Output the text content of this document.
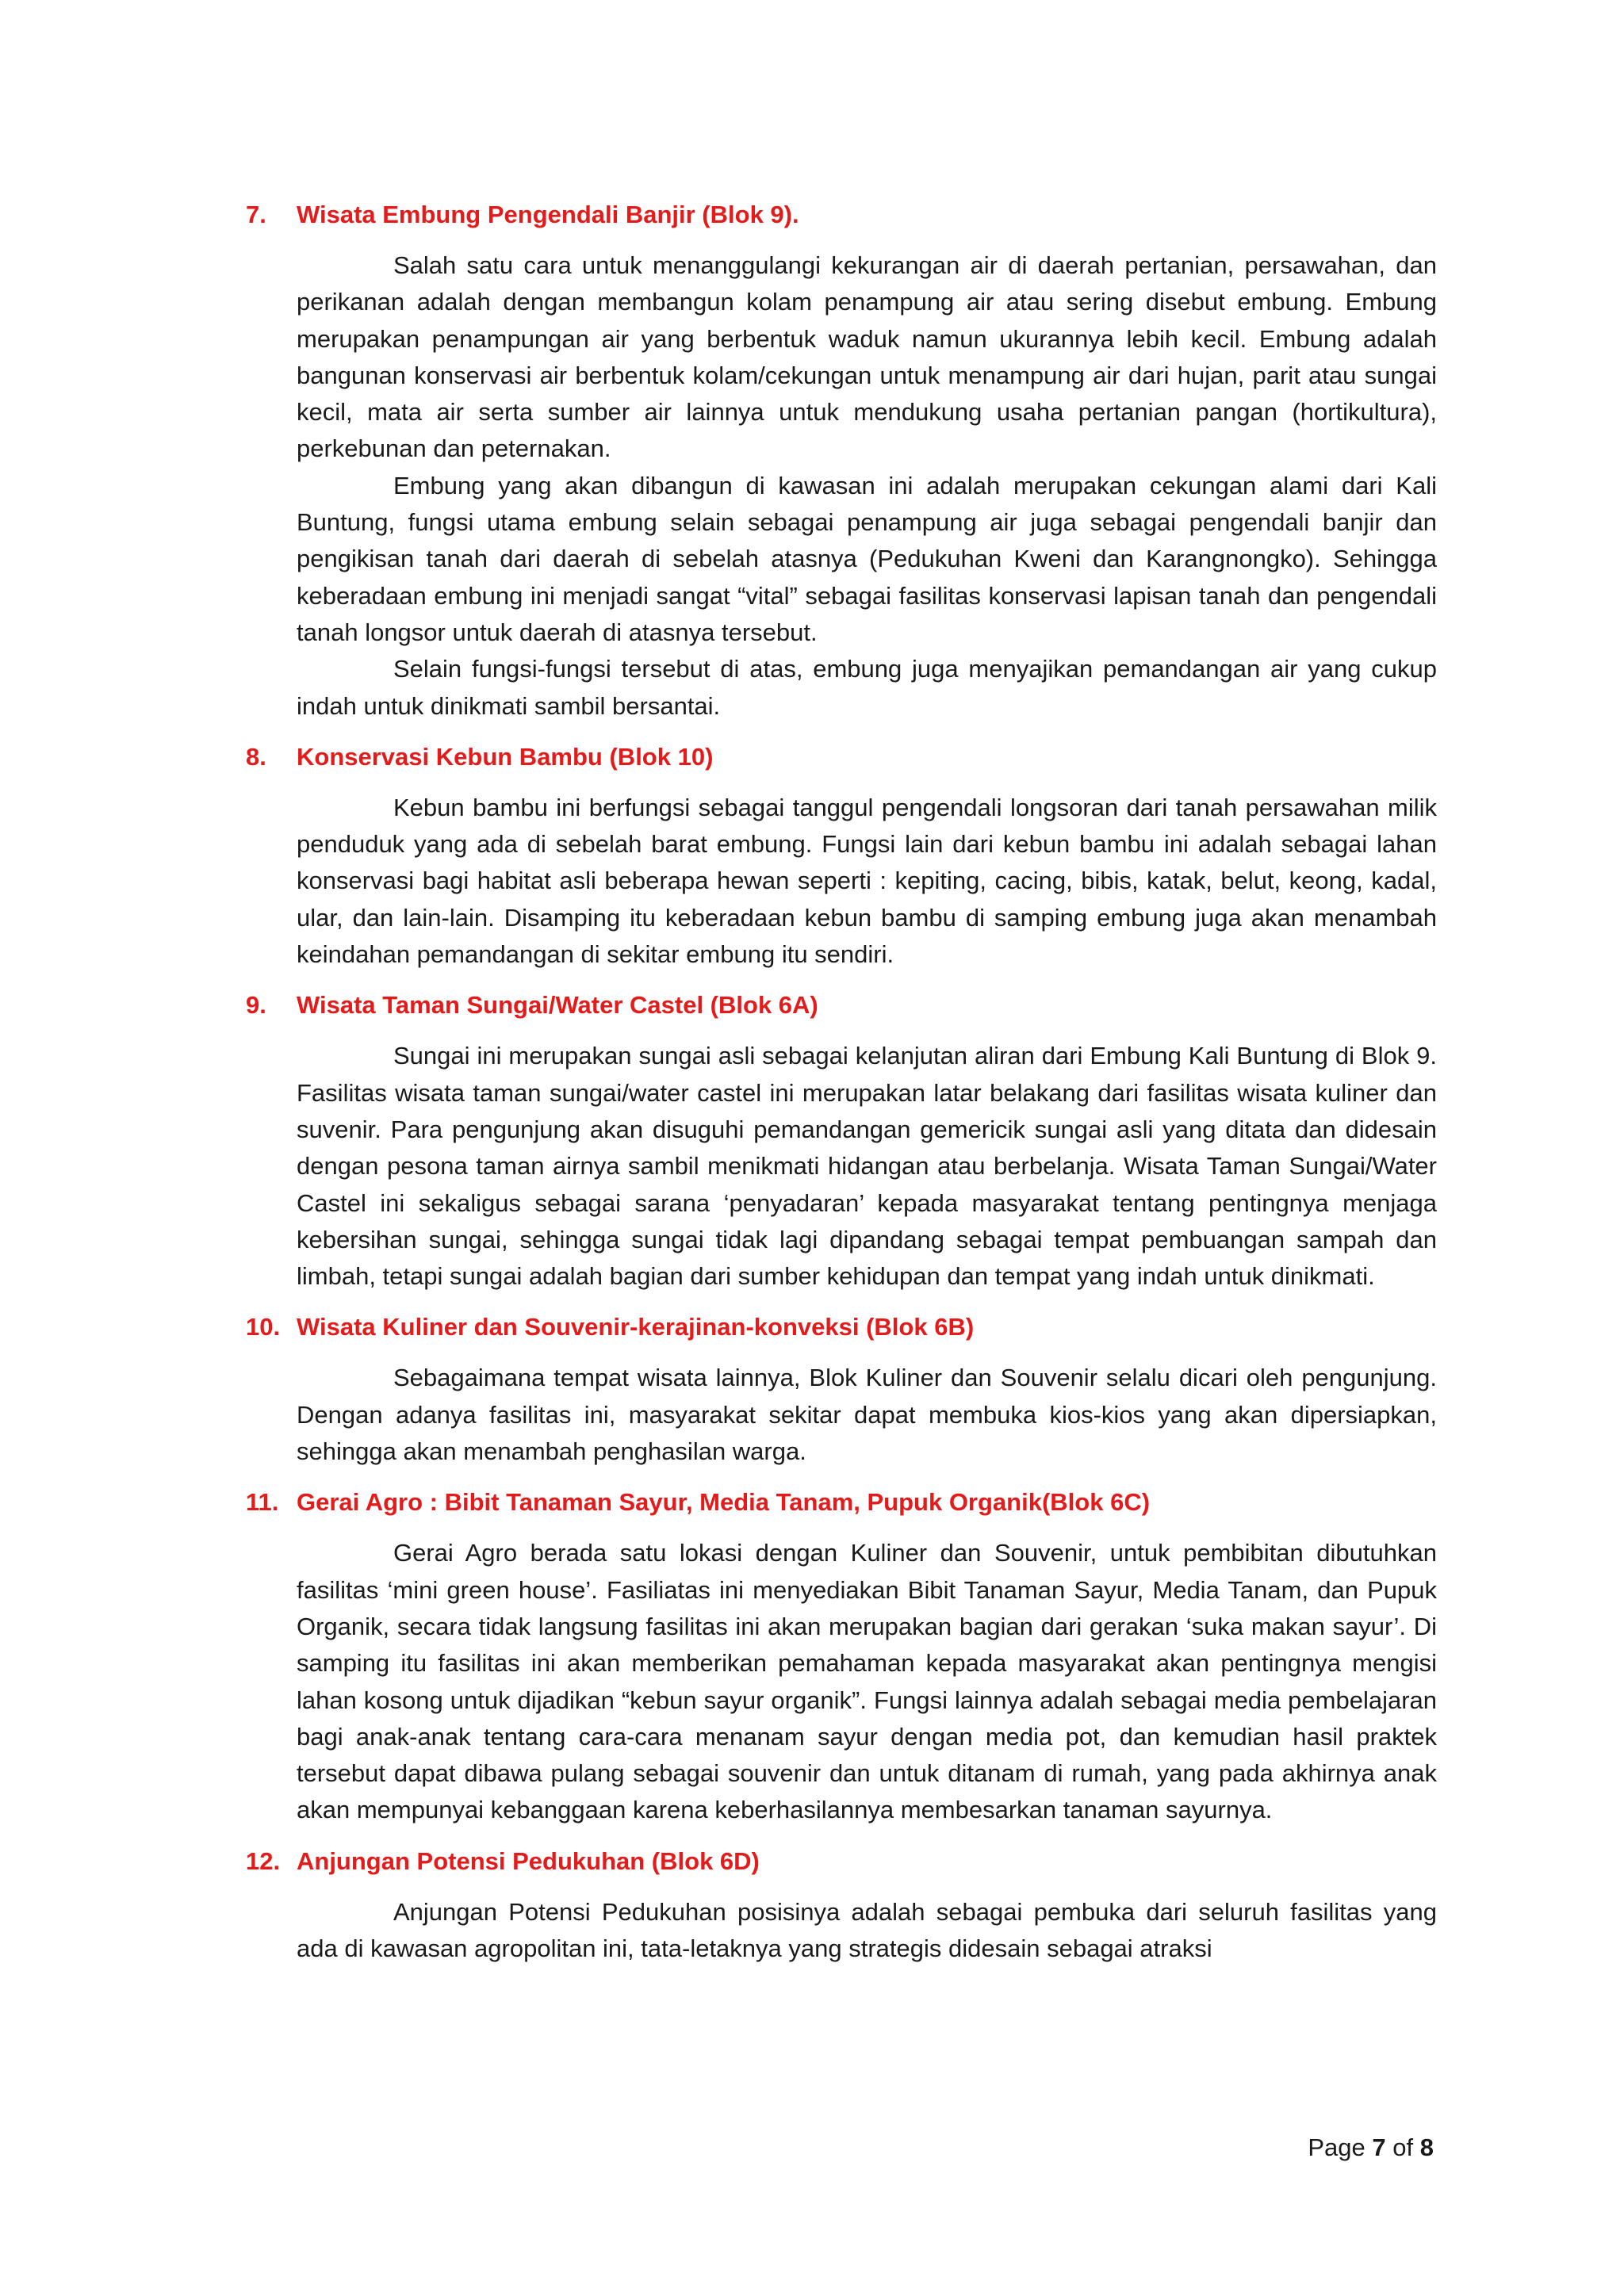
7.	Wisata Embung Pengendali Banjir (Blok 9).

Salah satu cara untuk menanggulangi kekurangan air di daerah pertanian, persawahan, dan perikanan adalah dengan membangun kolam penampung air atau sering disebut embung. Embung merupakan penampungan air yang berbentuk waduk namun ukurannya lebih kecil. Embung adalah bangunan konservasi air berbentuk kolam/cekungan untuk menampung air dari hujan, parit atau sungai kecil, mata air serta sumber air lainnya untuk mendukung usaha pertanian pangan (hortikultura), perkebunan dan peternakan.

Embung yang akan dibangun di kawasan ini adalah merupakan cekungan alami dari Kali Buntung, fungsi utama embung selain sebagai penampung air juga sebagai pengendali banjir dan pengikisan tanah dari daerah di sebelah atasnya (Pedukuhan Kweni dan Karangnongko). Sehingga keberadaan embung ini menjadi sangat “vital” sebagai fasilitas konservasi lapisan tanah dan pengendali tanah longsor untuk daerah di atasnya tersebut.

Selain fungsi-fungsi tersebut di atas, embung juga menyajikan pemandangan air yang cukup indah untuk dinikmati sambil bersantai.

8.	Konservasi Kebun Bambu (Blok 10)

Kebun bambu ini berfungsi sebagai tanggul pengendali longsoran dari tanah persawahan milik penduduk yang ada di sebelah barat embung. Fungsi lain dari kebun bambu ini adalah sebagai lahan konservasi bagi habitat asli beberapa hewan seperti : kepiting, cacing, bibis, katak, belut, keong, kadal, ular, dan lain-lain. Disamping itu keberadaan kebun bambu di samping embung juga akan menambah keindahan pemandangan di sekitar embung itu sendiri.

9.	Wisata Taman Sungai/Water Castel (Blok 6A)

Sungai ini merupakan sungai asli sebagai kelanjutan aliran dari Embung Kali Buntung di Blok 9. Fasilitas wisata taman sungai/water castel ini merupakan latar belakang dari fasilitas wisata kuliner dan suvenir. Para pengunjung akan disuguhi pemandangan gemericik sungai asli yang ditata dan didesain dengan pesona taman airnya sambil menikmati hidangan atau berbelanja. Wisata Taman Sungai/Water Castel ini sekaligus sebagai sarana ‘penyadaran’ kepada masyarakat tentang pentingnya menjaga kebersihan sungai, sehingga sungai tidak lagi dipandang sebagai tempat pembuangan sampah dan limbah, tetapi sungai adalah bagian dari sumber kehidupan dan tempat yang indah untuk dinikmati.

10. Wisata Kuliner dan Souvenir-kerajinan-konveksi (Blok 6B)

Sebagaimana tempat wisata lainnya, Blok Kuliner dan Souvenir selalu dicari oleh pengunjung. Dengan adanya fasilitas ini, masyarakat sekitar dapat membuka kios-kios yang akan dipersiapkan, sehingga akan menambah penghasilan warga.

11. Gerai Agro : Bibit Tanaman Sayur, Media Tanam, Pupuk Organik(Blok 6C)

Gerai Agro berada satu lokasi dengan Kuliner dan Souvenir, untuk pembibitan dibutuhkan fasilitas ‘mini green house’. Fasiliatas ini menyediakan Bibit Tanaman Sayur, Media Tanam, dan Pupuk Organik, secara tidak langsung fasilitas ini akan merupakan bagian dari gerakan ‘suka makan sayur’. Di samping itu fasilitas ini akan memberikan pemahaman kepada masyarakat akan pentingnya mengisi lahan kosong untuk dijadikan “kebun sayur organik”. Fungsi lainnya adalah sebagai media pembelajaran bagi anak-anak tentang cara-cara menanam sayur dengan media pot, dan kemudian hasil praktek tersebut dapat dibawa pulang sebagai souvenir dan untuk ditanam di rumah, yang pada akhirnya anak akan mempunyai kebanggaan karena keberhasilannya membesarkan tanaman sayurnya.

12. Anjungan Potensi Pedukuhan (Blok 6D)

Anjungan Potensi Pedukuhan posisinya adalah sebagai pembuka dari seluruh fasilitas yang ada di kawasan agropolitan ini, tata-letaknya yang strategis didesain sebagai atraksi

Page 7 of 8
